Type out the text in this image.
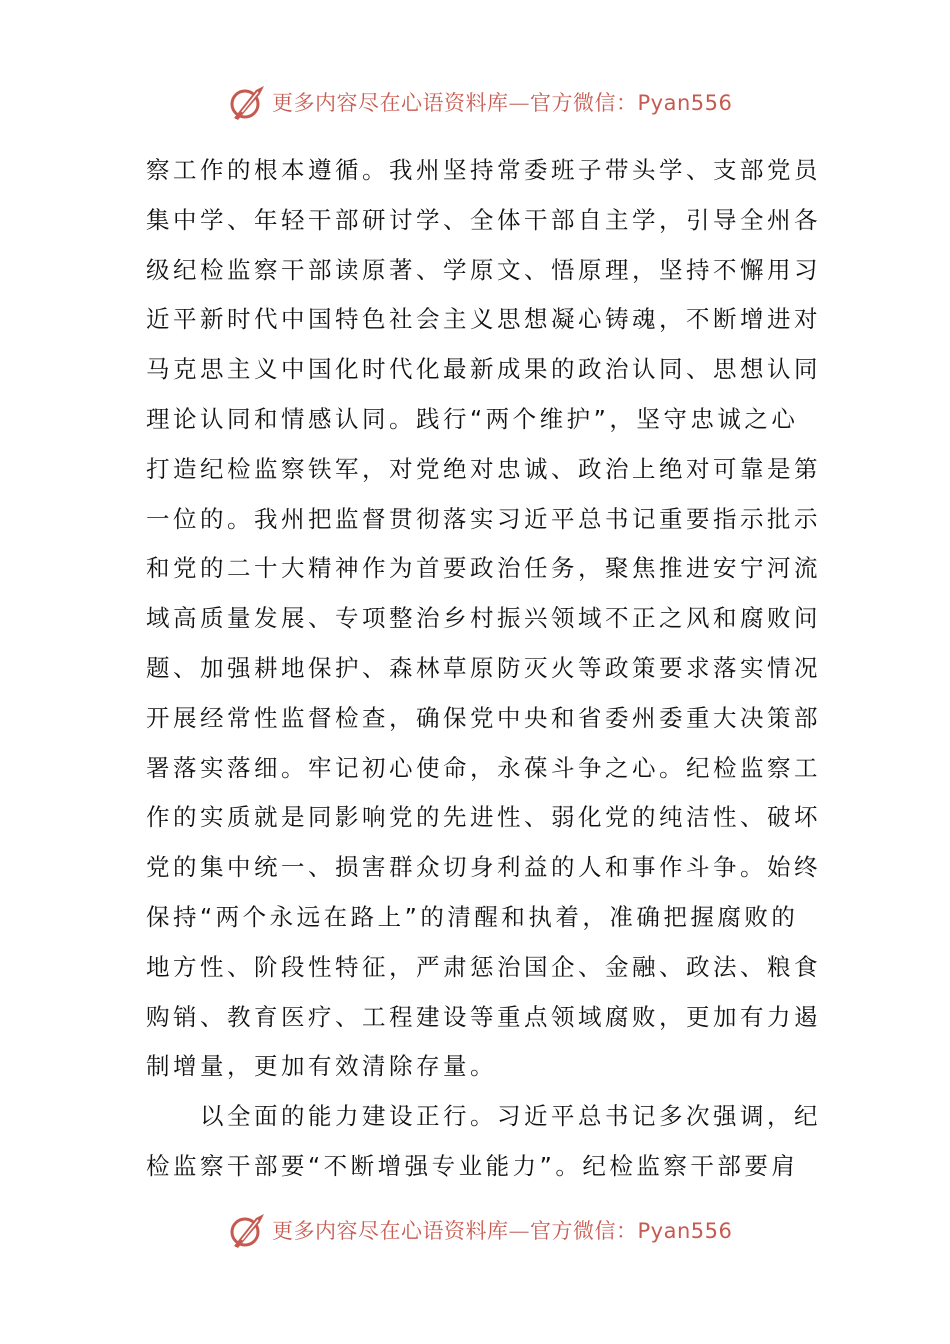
更多内容尽在心语资料库—官方微信：Pyan556
察工作的根本遵循。我州坚持常委班子带头学、支部党员
集中学、年轻干部研讨学、全体干部自主学，引导全州各
级纪检监察干部读原著、学原文、悟原理，坚持不懈用习
近平新时代中国特色社会主义思想凝心铸魂，不断增进对
马克思主义中国化时代化最新成果的政治认同、思想认同
理论认同和情感认同。践行“两个维护”，坚守忠诚之心
打造纪检监察铁军，对党绝对忠诚、政治上绝对可靠是第
一位的。我州把监督贯彻落实习近平总书记重要指示批示
和党的二十大精神作为首要政治任务，聚焦推进安宁河流
域高质量发展、专项整治乡村振兴领域不正之风和腐败问
题、加强耕地保护、森林草原防灭火等政策要求落实情况
开展经常性监督检查，确保党中央和省委州委重大决策部
署落实落细。牢记初心使命，永葆斗争之心。纪检监察工
作的实质就是同影响党的先进性、弱化党的纯洁性、破坏
党的集中统一、损害群众切身利益的人和事作斗争。始终
保持“两个永远在路上”的清醒和执着，准确把握腐败的
地方性、阶段性特征，严肃惩治国企、金融、政法、粮食
购销、教育医疗、工程建设等重点领域腐败，更加有力遏
制增量，更加有效清除存量。
　　以全面的能力建设正行。习近平总书记多次强调，纪
检监察干部要“不断增强专业能力”。纪检监察干部要肩
更多内容尽在心语资料库—官方微信：Pyan556
